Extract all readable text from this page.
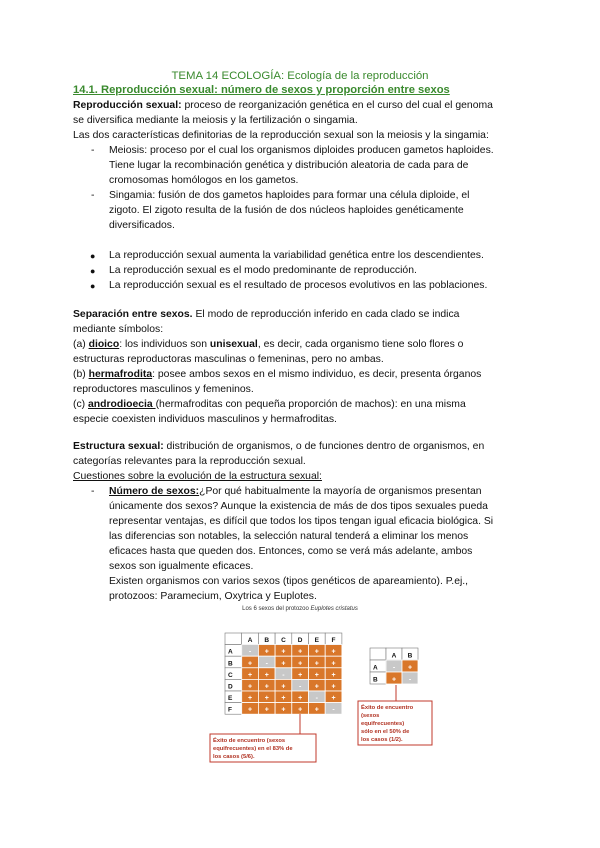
TEMA 14 ECOLOGÍA: Ecología de la reproducción
14.1. Reproducción sexual: número de sexos y proporción entre sexos
Reproducción sexual: proceso de reorganización genética en el curso del cual el genoma
se diversifica mediante la meiosis y la fertilización o singamia.
Las dos características definitorias de la reproducción sexual son la meiosis y la singamia:
- Meiosis: proceso por el cual los organismos diploides producen gametos haploides.
Tiene lugar la recombinación genética y distribución aleatoria de cada para de
cromosomas homólogos en los gametos.
- Singamia: fusión de dos gametos haploides para formar una célula diploide, el
zigoto. El zigoto resulta de la fusión de dos núcleos haploides genéticamente
diversificados.
● La reproducción sexual aumenta la variabilidad genética entre los descendientes.
● La reproducción sexual es el modo predominante de reproducción.
● La reproducción sexual es el resultado de procesos evolutivos en las poblaciones.
Separación entre sexos. El modo de reproducción inferido en cada clado se indica
mediante símbolos:
(a) dioico: los individuos son unisexual, es decir, cada organismo tiene solo flores o
estructuras reproductoras masculinas o femeninas, pero no ambas.
(b) hermafrodita: posee ambos sexos en el mismo individuo, es decir, presenta órganos
reproductores masculinos y femeninos.
(c) androdioecia (hermafroditas con pequeña proporción de machos): en una misma
especie coexisten individuos masculinos y hermafroditas.
Estructura sexual: distribución de organismos, o de funciones dentro de organismos, en
categorías relevantes para la reproducción sexual.
Cuestiones sobre la evolución de la estructura sexual:
- Número de sexos:¿Por qué habitualmente la mayoría de organismos presentan
únicamente dos sexos? Aunque la existencia de más de dos tipos sexuales pueda
representar ventajas, es difícil que todos los tipos tengan igual eficacia biológica. Si
las diferencias son notables, la selección natural tenderá a eliminar los menos
eficaces hasta que queden dos. Entonces, como se verá más adelante, ambos
sexos son igualmente eficaces.
Existen organismos con varios sexos (tipos genéticos de apareamiento). P.ej.,
protozoos: Paramecium, Oxytrica y Euplotes.
Los 6 sexos del protozoo Euplotes cristatus
A B C D E F
A - + + + + +
B + - + + + +
C + + - + + +
D + + + - + +
E + + + + - +
F + + + + + -
A B
A - +
B + -
Éxito de encuentro (sexos
equifrecuentes) en el 83% de
los casos (5/6).
Éxito de encuentro
(sexos
equifrecuentes)
sólo en el 50% de
los casos (1/2).
